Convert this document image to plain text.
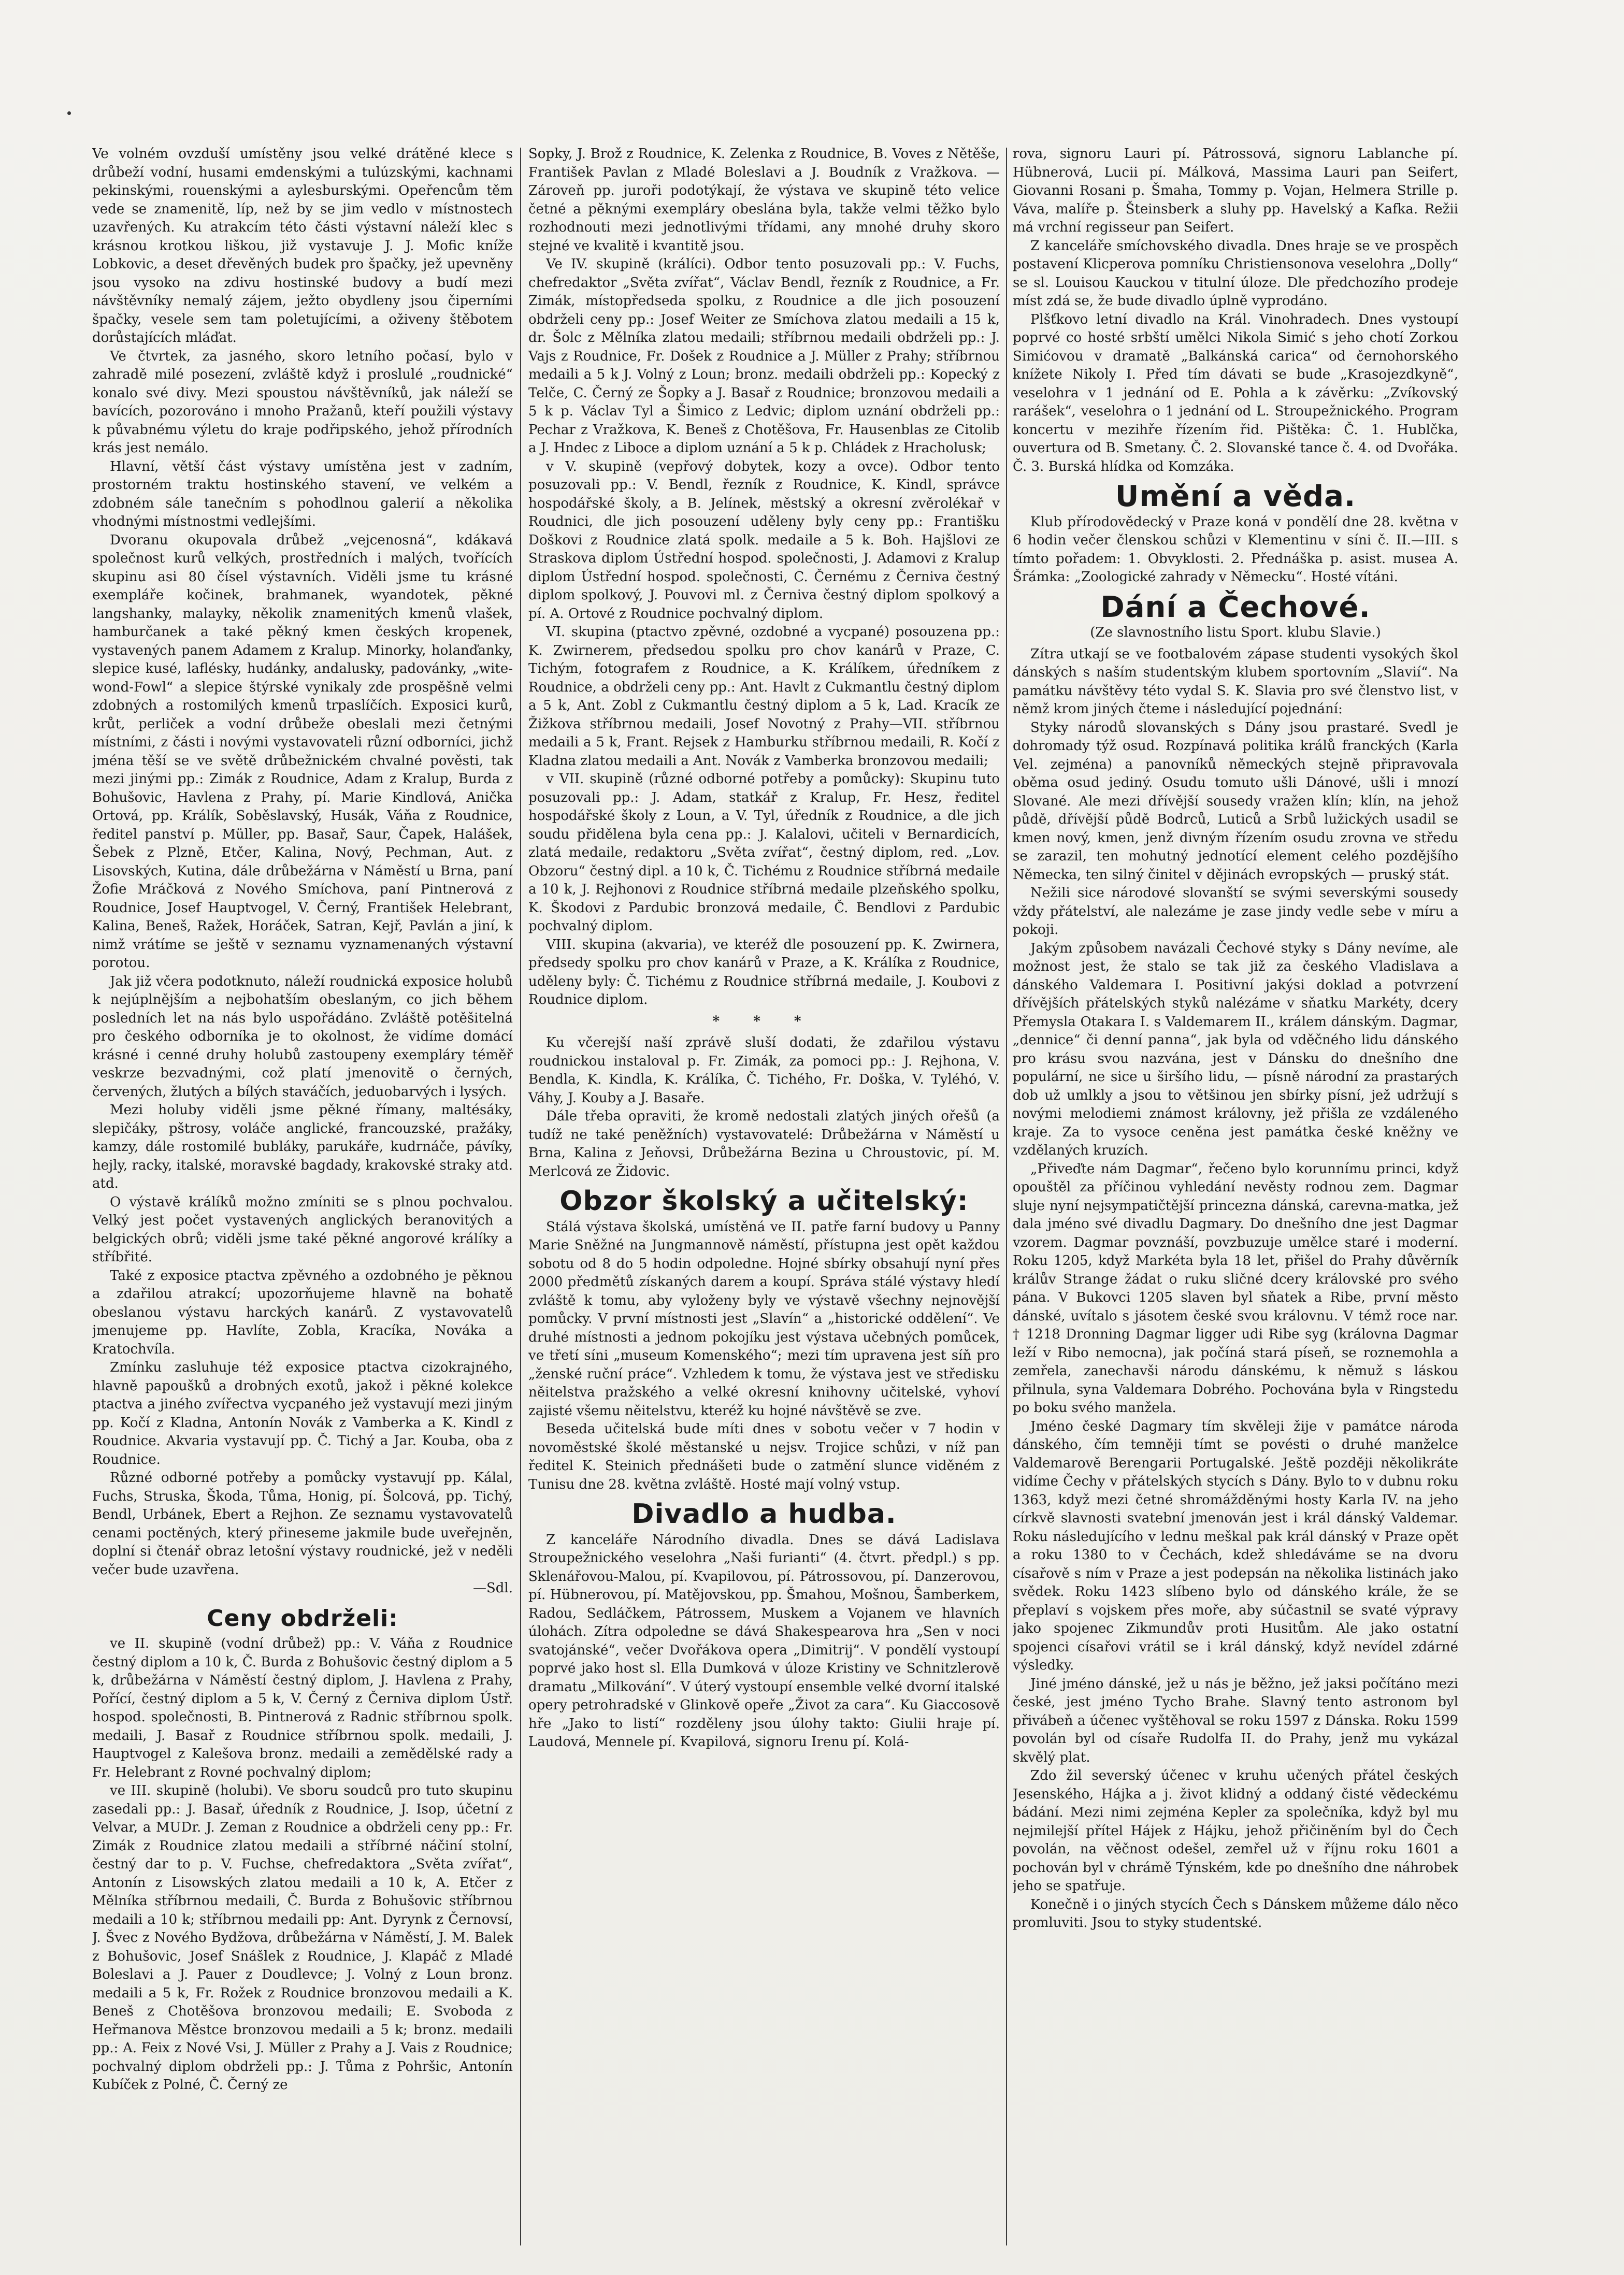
Ve volném ovzduší umístěny jsou velké drátěné klece s drůbeží vodní, husami emdenskými a tulúzskými, kachnami pekinskými, rouenskými a aylesburskými. Opeřencům těm vede se znamenitě, líp, než by se jim vedlo v místnostech uzavřených. Ku atrakcím této části výstavní náleží klec s krásnou krotkou liškou, již vystavuje J. J. Mofic kníže Lobkovic, a deset dřevěných budek pro špačky, jež upevněny jsou vysoko na zdivu hostinské budovy a budí mezi návštěvníky nemalý zájem, ježto obydleny jsou čiperními špačky, vesele sem tam poletujícími, a oživeny štěbotem dorůstajících mláďat.

Ve čtvrtek, za jasného, skoro letního počasí, bylo v zahradě milé posezení, zvláště když i proslulé „roudnické“ konalo své divy. Mezi spoustou návštěvníků, jak náleží se bavících, pozorováno i mnoho Pražanů, kteří použili výstavy k půvabnému výletu do kraje podřipského, jehož přírodních krás jest nemálo.

Hlavní, větší část výstavy umístěna jest v zadním, prostorném traktu hostinského stavení, ve velkém a zdobném sále tanečním s pohodlnou galerií a několika vhodnými místnostmi vedlejšími.

Dvoranu okupovala drůbež „vejcenosná“, kdákavá společnost kurů velkých, prostředních i malých, tvořících skupinu asi 80 čísel výstavních. Viděli jsme tu krásné exempláře kočinek, brahmanek, wyandotek, pěkné langshanky, malayky, několik znamenitých kmenů vlašek, hamburčanek a také pěkný kmen českých kropenek, vystavených panem Adamem z Kralup. Minorky, holanďanky, slepice kusé, laflésky, hudánky, andalusky, padovánky, „wite-wond-Fowl“ a slepice štýrské vynikaly zde prospěšně velmi zdobných a rostomilých kmenů trpaslíčích. Exposici kurů, krůt, perliček a vodní drůbeže obeslali mezi četnými místními, z části i novými vystavovateli různí odborníci, jichž jména těší se ve světě drůbežnickém chvalné pověsti, tak mezi jinými pp.: Zimák z Roudnice, Adam z Kralup, Burda z Bohušovic, Havlena z Prahy, pí. Marie Kindlová, Anička Ortová, pp. Králík, Soběslavský, Husák, Váňa z Roudnice, ředitel panství p. Müller, pp. Basař, Saur, Čapek, Halášek, Šebek z Plzně, Etčer, Kalina, Nový, Pechman, Aut. z Lisovských, Kutina, dále drůbežárna v Náměstí u Brna, paní Žofie Mráčková z Nového Smíchova, paní Pintnerová z Roudnice, Josef Hauptvogel, V. Černý, František Helebrant, Kalina, Beneš, Ražek, Horáček, Satran, Kejř, Pavlán a jiní, k nimž vrátíme se ještě v seznamu vyznamenaných výstavní porotou.

Jak již včera podotknuto, náleží roudnická exposice holubů k nejúplnějším a nejbohatším obeslaným, co jich během posledních let na nás bylo uspořádáno. Zvláště potěšitelná pro českého odborníka je to okolnost, že vidíme domácí krásné i cenné druhy holubů zastoupeny exempláry téměř veskrze bezvadnými, což platí jmenovitě o černých, červených, žlutých a bílých staváčích, jeduobarvých i lysých.

Mezi holuby viděli jsme pěkné římany, maltésáky, slepičáky, pštrosy, voláče anglické, francouzské, pražáky, kamzy, dále rostomilé bubláky, parukáře, kudrnáče, pávíky, hejly, racky, italské, moravské bagdady, krakovské straky atd. atd.

O výstavě králíků možno zmíniti se s plnou pochvalou. Velký jest počet vystavených anglických beranovitých a belgických obrů; viděli jsme také pěkné angorové králíky a stříbřité.

Také z exposice ptactva zpěvného a ozdobného je pěknou a zdařilou atrakcí; upozorňujeme hlavně na bohatě obeslanou výstavu harckých kanárů. Z vystavovatelů jmenujeme pp. Havlíte, Zobla, Kracíka, Nováka a Kratochvíla.

Zmínku zasluhuje též exposice ptactva cizokrajného, hlavně papoušků a drobných exotů, jakož i pěkné kolekce ptactva a jiného zvířectva vycpaného jež vystavují mezi jiným pp. Kočí z Kladna, Antonín Novák z Vamberka a K. Kindl z Roudnice. Akvaria vystavují pp. Č. Tichý a Jar. Kouba, oba z Roudnice.

Různé odborné potřeby a pomůcky vystavují pp. Kálal, Fuchs, Struska, Škoda, Tůma, Honig, pí. Šolcová, pp. Tichý, Bendl, Urbánek, Ebert a Rejhon. Ze seznamu vystavovatelů cenami poctěných, který přineseme jakmile bude uveřejněn, doplní si čtenář obraz letošní výstavy roudnické, jež v neděli večer bude uzavřena.

—Sdl.

Ceny obdrželi:

ve II. skupině (vodní drůbež) pp.: V. Váňa z Roudnice čestný diplom a 10 k, Č. Burda z Bohušovic čestný diplom a 5 k, drůbežárna v Náměstí čestný diplom, J. Havlena z Prahy, Pořící, čestný diplom a 5 k, V. Černý z Černiva diplom Ústř. hospod. společnosti, B. Pintnerová z Radnic stříbrnou spolk. medaili, J. Basař z Roudnice stříbrnou spolk. medaili, J. Hauptvogel z Kalešova bronz. medaili a zemědělské rady a Fr. Helebrant z Rovné pochvalný diplom;

ve III. skupině (holubi). Ve sboru soudců pro tuto skupinu zasedali pp.: J. Basař, úředník z Roudnice, J. Isop, účetní z Velvar, a MUDr. J. Zeman z Roudnice a obdrželi ceny pp.: Fr. Zimák z Roudnice zlatou medaili a stříbrné náčiní stolní, čestný dar to p. V. Fuchse, chefredaktora „Světa zvířat“, Antonín z Lisowských zlatou medaili a 10 k, A. Etčer z Mělníka stříbrnou medaili, Č. Burda z Bohušovic stříbrnou medaili a 10 k; stříbrnou medaili pp: Ant. Dyrynk z Černovsí, J. Švec z Nového Bydžova, drůbežárna v Náměstí, J. M. Balek z Bohušovic, Josef Snášlek z Roudnice, J. Klapáč z Mladé Boleslavi a J. Pauer z Doudlevce; J. Volný z Loun bronz. medaili a 5 k, Fr. Rožek z Roudnice bronzovou medaili a K. Beneš z Chotěšova bronzovou medaili; E. Svoboda z Heřmanova Městce bronzovou medaili a 5 k; bronz. medaili pp.: A. Feix z Nové Vsi, J. Müller z Prahy a J. Vais z Roudnice; pochvalný diplom obdrželi pp.: J. Tůma z Pohršic, Antonín Kubíček z Polné, Č. Černý ze

Sopky, J. Brož z Roudnice, K. Zelenka z Roudnice, B. Voves z Nětěše, František Pavlan z Mladé Boleslavi a J. Boudník z Vražkova. — Zároveň pp. juroři podotýkají, že výstava ve skupině této velice četné a pěknými exempláry obeslána byla, takže velmi těžko bylo rozhodnouti mezi jednotlivými třídami, any mnohé druhy skoro stejné ve kvalitě i kvantitě jsou.

Ve IV. skupině (králíci). Odbor tento posuzovali pp.: V. Fuchs, chefredaktor „Světa zvířat“, Václav Bendl, řezník z Roudnice, a Fr. Zimák, místopředseda spolku, z Roudnice a dle jich posouzení obdrželi ceny pp.: Josef Weiter ze Smíchova zlatou medaili a 15 k, dr. Šolc z Mělníka zlatou medaili; stříbrnou medaili obdrželi pp.: J. Vajs z Roudnice, Fr. Došek z Roudnice a J. Müller z Prahy; stříbrnou medaili a 5 k J. Volný z Loun; bronz. medaili obdrželi pp.: Kopecký z Telče, C. Černý ze Šopky a J. Basař z Roudnice; bronzovou medaili a 5 k p. Václav Tyl a Šimico z Ledvic; diplom uznání obdrželi pp.: Pechar z Vražkova, K. Beneš z Chotěšova, Fr. Hausenblas ze Citolib a J. Hndec z Liboce a diplom uznání a 5 k p. Chládek z Hracholusk;

v V. skupině (vepřový dobytek, kozy a ovce). Odbor tento posuzovali pp.: V. Bendl, řezník z Roudnice, K. Kindl, správce hospodářské školy, a B. Jelínek, městský a okresní zvěrolékař v Roudnici, dle jich posouzení uděleny byly ceny pp.: Františku Doškovi z Roudnice zlatá spolk. medaile a 5 k. Boh. Hajšlovi ze Straskova diplom Ústřední hospod. společnosti, J. Adamovi z Kralup diplom Ústřední hospod. společnosti, C. Černému z Černiva čestný diplom spolkový, J. Pouvovi ml. z Černiva čestný diplom spolkový a pí. A. Ortové z Roudnice pochvalný diplom.

VI. skupina (ptactvo zpěvné, ozdobné a vycpané) posouzena pp.: K. Zwirnerem, předsedou spolku pro chov kanárů v Praze, C. Tichým, fotografem z Roudnice, a K. Králíkem, úředníkem z Roudnice, a obdrželi ceny pp.: Ant. Havlt z Cukmantlu čestný diplom a 5 k, Ant. Zobl z Cukmantlu čestný diplom a 5 k, Lad. Kracík ze Žižkova stříbrnou medaili, Josef Novotný z Prahy—VII. stříbrnou medaili a 5 k, Frant. Rejsek z Hamburku stříbrnou medaili, R. Kočí z Kladna zlatou medaili a Ant. Novák z Vamberka bronzovou medaili;

v VII. skupině (různé odborné potřeby a pomůcky): Skupinu tuto posuzovali pp.: J. Adam, statkář z Kralup, Fr. Hesz, ředitel hospodářské školy z Loun, a V. Tyl, úředník z Roudnice, a dle jich soudu přidělena byla cena pp.: J. Kalalovi, učiteli v Bernardicích, zlatá medaile, redaktoru „Světa zvířat“, čestný diplom, red. „Lov. Obzoru“ čestný dipl. a 10 k, Č. Tichému z Roudnice stříbrná medaile a 10 k, J. Rejhonovi z Roudnice stříbrná medaile plzeňského spolku, K. Škodovi z Pardubic bronzová medaile, Č. Bendlovi z Pardubic pochvalný diplom.

VIII. skupina (akvaria), ve kteréž dle posouzení pp. K. Zwirnera, předsedy spolku pro chov kanárů v Praze, a K. Králíka z Roudnice, uděleny byly: Č. Tichému z Roudnice stříbrná medaile, J. Koubovi z Roudnice diplom.

* * *

Ku včerejší naší zprávě sluší dodati, že zdařilou výstavu roudnickou instaloval p. Fr. Zimák, za pomoci pp.: J. Rejhona, V. Bendla, K. Kindla, K. Králíka, Č. Tichého, Fr. Doška, V. Tyléhó, V. Váhy, J. Kouby a J. Basaře.

Dále třeba opraviti, že kromě nedostali zlatých jiných ořešů (a tudíž ne také peněžních) vystavovatelé: Drůbežárna v Náměstí u Brna, Kalina z Jeňovsi, Drůbežárna Bezina u Chroustovic, pí. M. Merlcová ze Židovic.

Obzor školský a učitelský:

Stálá výstava školská, umístěná ve II. patře farní budovy u Panny Marie Sněžné na Jungmannově náměstí, přístupna jest opět každou sobotu od 8 do 5 hodin odpoledne. Hojné sbírky obsahují nyní přes 2000 předmětů získaných darem a koupí. Správa stálé výstavy hledí zvláště k tomu, aby vyloženy byly ve výstavě všechny nejnovější pomůcky. V první místnosti jest „Slavín“ a „historické oddělení“. Ve druhé místnosti a jednom pokojíku jest výstava učebných pomůcek, ve třetí síni „museum Komenského“; mezi tím upravena jest síň pro „ženské ruční práce“. Vzhledem k tomu, že výstava jest ve středisku něitelstva pražského a velké okresní knihovny učitelské, vyhoví zajisté všemu něitelstvu, kteréž ku hojné návštěvě se zve.

Beseda učitelská bude míti dnes v sobotu večer v 7 hodin v novoměstské školé městanské u nejsv. Trojice schůzi, v níž pan ředitel K. Steinich přednášeti bude o zatmění slunce viděném z Tunisu dne 28. května zvláště. Hosté mají volný vstup.

Divadlo a hudba.

Z kanceláře Národního divadla. Dnes se dává Ladislava Stroupežnického veselohra „Naši furianti“ (4. čtvrt. předpl.) s pp. Sklenářovou-Malou, pí. Kvapilovou, pí. Pátrossovou, pí. Danzerovou, pí. Hübnerovou, pí. Matějovskou, pp. Šmahou, Mošnou, Šamberkem, Radou, Sedláčkem, Pátrossem, Muskem a Vojanem ve hlavních úlohách. Zítra odpoledne se dává Shakespearova hra „Sen v noci svatojánské“, večer Dvořákova opera „Dimitrij“. V pondělí vystoupí poprvé jako host sl. Ella Dumková v úloze Kristiny ve Schnitzlerově dramatu „Milkování“. V úterý vystoupí ensemble velké dvorní italské opery petrohradské v Glinkově opeře „Život za cara“. Ku Giaccosově hře „Jako to listí“ rozděleny jsou úlohy takto: Giulii hraje pí. Laudová, Mennele pí. Kvapilová, signoru Irenu pí. Kolá-

rova, signoru Lauri pí. Pátrossová, signoru Lablanche pí. Hübnerová, Lucii pí. Málková, Massima Lauri pan Seifert, Giovanni Rosani p. Šmaha, Tommy p. Vojan, Helmera Strille p. Váva, malíře p. Šteinsberk a sluhy pp. Havelský a Kafka. Režii má vrchní regisseur pan Seifert.

Z kanceláře smíchovského divadla. Dnes hraje se ve prospěch postavení Klicperova pomníku Christiensonova veselohra „Dolly“ se sl. Louisou Kauckou v titulní úloze. Dle předchozího prodeje míst zdá se, že bude divadlo úplně vyprodáno.

Plšťkovo letní divadlo na Král. Vinohradech. Dnes vystoupí poprvé co hosté srbští umělci Nikola Simić s jeho chotí Zorkou Simićovou v dramatě „Balkánská carica“ od černohorského knížete Nikoly I. Před tím dávati se bude „Krasojezdkyně“, veselohra v 1 jednání od E. Pohla a k závěrku: „Zvíkovský rarášek“, veselohra o 1 jednání od L. Stroupežnického. Program koncertu v mezihře řízením řid. Pištěka: Č. 1. Hublčka, ouvertura od B. Smetany. Č. 2. Slovanské tance č. 4. od Dvořáka. Č. 3. Burská hlídka od Komzáka.

Umění a věda.

Klub přírodovědecký v Praze koná v pondělí dne 28. května v 6 hodin večer členskou schůzi v Klementinu v síni č. II.—III. s tímto pořadem: 1. Obvyklosti. 2. Přednáška p. asist. musea A. Šrámka: „Zoologické zahrady v Německu“. Hosté vítáni.

Dání a Čechové.

(Ze slavnostního listu Sport. klubu Slavie.)

Zítra utkají se ve footbalovém zápase studenti vysokých škol dánských s naším studentským klubem sportovním „Slavií“. Na památku návštěvy této vydal S. K. Slavia pro své členstvo list, v němž krom jiných čteme i následující pojednání:

Styky národů slovanských s Dány jsou prastaré. Svedl je dohromady týž osud. Rozpínavá politika králů franckých (Karla Vel. zejména) a panovníků německých stejně připravovala oběma osud jediný. Osudu tomuto ušli Dánové, ušli i mnozí Slované. Ale mezi dřívější sousedy vražen klín; klín, na jehož půdě, dřívější půdě Bodrců, Luticů a Srbů lužických usadil se kmen nový, kmen, jenž divným řízením osudu zrovna ve středu se zarazil, ten mohutný jednotící element celého pozdějšího Německa, ten silný činitel v dějinách evropských — pruský stát.

Nežili sice národové slovanští se svými severskými sousedy vždy přátelství, ale nalezáme je zase jindy vedle sebe v míru a pokoji.

Jakým způsobem navázali Čechové styky s Dány nevíme, ale možnost jest, že stalo se tak již za českého Vladislava a dánského Valdemara I. Positivní jakýsi doklad a potvrzení dřívějších přátelských styků nalézáme v sňatku Markéty, dcery Přemysla Otakara I. s Valdemarem II., králem dánským. Dagmar, „dennice“ či denní panna“, jak byla od vděčného lidu dánského pro krásu svou nazvána, jest v Dánsku do dnešního dne populární, ne sice u širšího lidu, — písně národní za prastarých dob už umlkly a jsou to většinou jen sbírky písní, jež udržují s novými melodiemi známost královny, jež přišla ze vzdáleného kraje. Za to vysoce ceněna jest památka české kněžny ve vzdělaných kruzích.

„Přiveďte nám Dagmar“, řečeno bylo korunnímu princi, když opouštěl za příčinou vyhledání nevěsty rodnou zem. Dagmar sluje nyní nejsympatičtější princezna dánská, carevna-matka, jež dala jméno své divadlu Dagmary. Do dnešního dne jest Dagmar vzorem. Dagmar povznáší, povzbuzuje umělce staré i moderní. Roku 1205, když Markéta byla 18 let, přišel do Prahy důvěrník králův Strange žádat o ruku sličné dcery královské pro svého pána. V Bukovci 1205 slaven byl sňatek a Ribe, první město dánské, uvítalo s jásotem české svou královnu. V témž roce nar. † 1218 Dronning Dagmar ligger udi Ribe syg (královna Dagmar leží v Ribo nemocna), jak počíná stará píseň, se roznemohla a zemřela, zanechavši národu dánskému, k němuž s láskou přilnula, syna Valdemara Dobrého. Pochována byla v Ringstedu po boku svého manžela.

Jméno české Dagmary tím skvěleji žije v památce národa dánského, čím temněji tímt se povésti o druhé manželce Valdemarově Berengarii Portugalské. Ještě později několikráte vidíme Čechy v přátelských stycích s Dány. Bylo to v dubnu roku 1363, když mezi četné shromážděnými hosty Karla IV. na jeho církvě slavnosti svatební jmenován jest i král dánský Valdemar. Roku následujícího v lednu meškal pak král dánský v Praze opět a roku 1380 to v Čechách, kdež shledáváme se na dvoru císařově s ním v Praze a jest podepsán na několika listinách jako svědek. Roku 1423 slíbeno bylo od dánského krále, že se přeplaví s vojskem přes moře, aby súčastnil se svaté výpravy jako spojenec Zikmundův proti Husitům. Ale jako ostatní spojenci císařovi vrátil se i král dánský, když nevídel zdárné výsledky.

Jiné jméno dánské, jež u nás je běžno, jež jaksi počítáno mezi české, jest jméno Tycho Brahe. Slavný tento astronom byl přivábeň a účenec vyštěhoval se roku 1597 z Dánska. Roku 1599 povolán byl od císaře Rudolfa II. do Prahy, jenž mu vykázal skvělý plat.

Zdo žil severský účenec v kruhu učených přátel českých Jesenského, Hájka a j. život klidný a oddaný čisté vědeckému bádání. Mezi nimi zejména Kepler za společníka, když byl mu nejmilejší přítel Hájek z Hájku, jehož přičiněním byl do Čech povolán, na věčnost odešel, zemřel už v říjnu roku 1601 a pochován byl v chrámě Týnském, kde po dnešního dne náhrobek jeho se spatřuje.

Konečně i o jiných stycích Čech s Dánskem můžeme dálo něco promluviti. Jsou to styky studentské.
